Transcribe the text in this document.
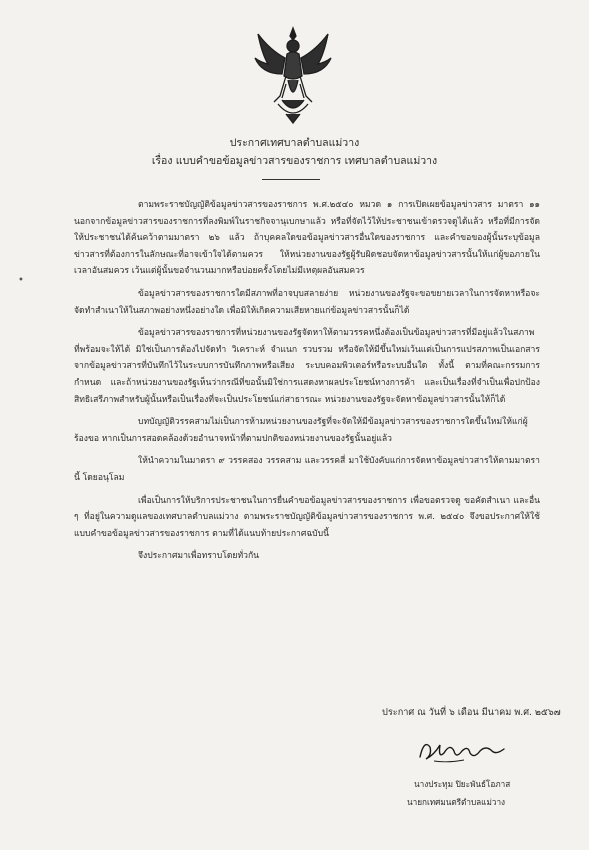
ประกาศเทศบาลตำบลแม่วาง
เรื่อง แบบคำขอข้อมูลข่าวสารของราชการ เทศบาลตำบลแม่วาง
•

ตามพระราชบัญญัติข้อมูลข่าวสารของราชการ พ.ศ.๒๕๔๐ หมวด ๑ การเปิดเผยข้อมูลข่าวสาร มาตรา ๑๑ นอกจากข้อมูลข่าวสารของราชการที่ลงพิมพ์ในราชกิจจานุเบกษาแล้ว หรือที่จัดไว้ให้ประชาชนเข้าตรวจดูได้แล้ว หรือที่มีการจัดให้ประชาชนได้ค้นคว้าตามมาตรา ๒๖ แล้ว ถ้าบุคคลใดขอข้อมูลข่าวสารอื่นใดของราชการ และคำขอของผู้นั้นระบุข้อมูลข่าวสารที่ต้องการในลักษณะที่อาจเข้าใจได้ตามควร ให้หน่วยงานของรัฐผู้รับผิดชอบจัดหาข้อมูลข่าวสารนั้นให้แก่ผู้ขอภายในเวลาอันสมควร เว้นแต่ผู้นั้นขอจำนวนมากหรือบ่อยครั้งโดยไม่มีเหตุผลอันสมควร

ข้อมูลข่าวสารของราชการใดมีสภาพที่อาจบุบสลายง่าย หน่วยงานของรัฐจะขอขยายเวลาในการจัดหาหรือจะจัดทำสำเนาให้ในสภาพอย่างหนึ่งอย่างใด เพื่อมิให้เกิดความเสียหายแก่ข้อมูลข่าวสารนั้นก็ได้

ข้อมูลข่าวสารของราชการที่หน่วยงานของรัฐจัดหาให้ตามวรรคหนึ่งต้องเป็นข้อมูลข่าวสารที่มีอยู่แล้วในสภาพที่พร้อมจะให้ได้ มิใช่เป็นการต้องไปจัดทำ วิเคราะห์ จำแนก รวบรวม หรือจัดให้มีขึ้นใหม่เว้นแต่เป็นการแปรสภาพเป็นเอกสารจากข้อมูลข่าวสารที่บันทึกไว้ในระบบการบันทึกภาพหรือเสียง ระบบคอมพิวเตอร์หรือระบบอื่นใด ทั้งนี้ ตามที่คณะกรรมการกำหนด และถ้าหน่วยงานของรัฐเห็นว่ากรณีที่ขอนั้นมิใช่การแสดงหาผลประโยชน์ทางการค้า และเป็นเรื่องที่จำเป็นเพื่อปกป้องสิทธิเสรีภาพสำหรับผู้นั้นหรือเป็นเรื่องที่จะเป็นประโยชน์แก่สาธารณะ หน่วยงานของรัฐจะจัดหาข้อมูลข่าวสารนั้นให้ก็ได้

บทบัญญัติวรรคสามไม่เป็นการห้ามหน่วยงานของรัฐที่จะจัดให้มีข้อมูลข่าวสารของราชการใดขึ้นใหม่ให้แก่ผู้ร้องขอ หากเป็นการสอดคล้องด้วยอำนาจหน้าที่ตามปกติของหน่วยงานของรัฐนั้นอยู่แล้ว

ให้นำความในมาตรา ๙ วรรคสอง วรรคสาม และวรรคสี่ มาใช้บังคับแก่การจัดหาข้อมูลข่าวสารให้ตามมาตรานี้ โดยอนุโลม

เพื่อเป็นการให้บริการประชาชนในการยื่นคำขอข้อมูลข่าวสารของราชการ เพื่อขอตรวจดู ขอคัดสำเนา และอื่น ๆ ที่อยู่ในความดูแลของเทศบาลตำบลแม่วาง ตามพระราชบัญญัติข้อมูลข่าวสารของราชการ พ.ศ. ๒๕๔๐ จึงขอประกาศให้ใช้แบบคำขอข้อมูลข่าวสารของราชการ ตามที่ได้แนบท้ายประกาศฉบับนี้

จึงประกาศมาเพื่อทราบโดยทั่วกัน

ประกาศ ณ วันที่ ๖ เดือน มีนาคม พ.ศ. ๒๕๖๗
นางประทุม ปิยะพันธ์โอภาส
นายกเทศมนตรีตำบลแม่วาง
